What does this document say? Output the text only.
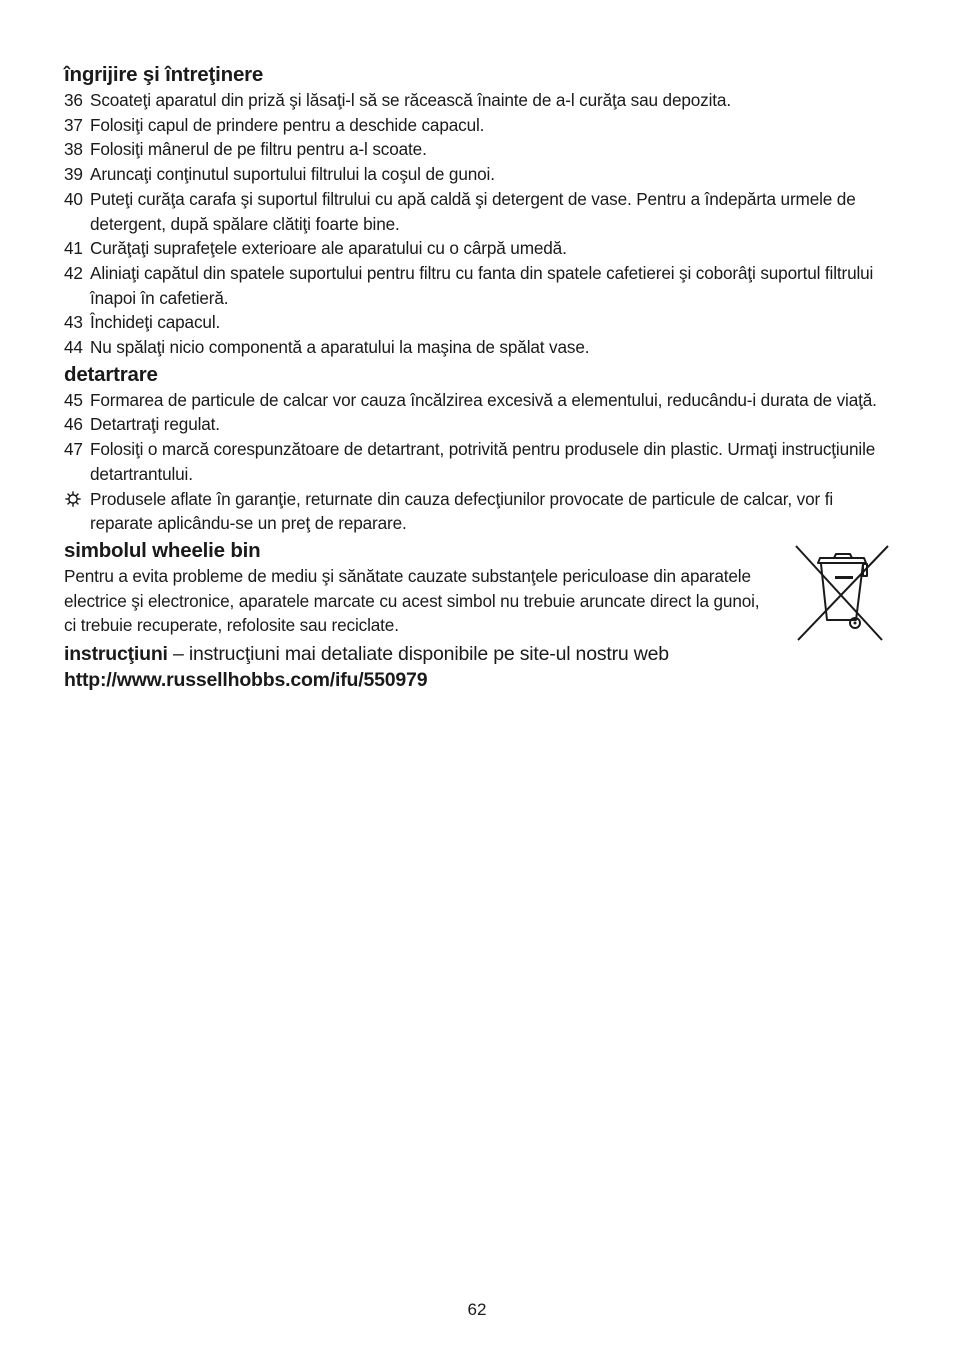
îngrijire şi întreţinere
36 Scoateţi aparatul din priză şi lăsaţi-l să se răcească înainte de a-l curăţa sau depozita.
37 Folosiţi capul de prindere pentru a deschide capacul.
38 Folosiţi mânerul de pe filtru pentru a-l scoate.
39 Aruncaţi conţinutul suportului filtrului la coşul de gunoi.
40 Puteţi curăţa carafa şi suportul filtrului cu apă caldă şi detergent de vase. Pentru a îndepărta urmele de detergent, după spălare clătiţi foarte bine.
41 Curăţaţi suprafeţele exterioare ale aparatului cu o cârpă umedă.
42 Aliniaţi capătul din spatele suportului pentru filtru cu fanta din spatele cafetierei şi coborâţi suportul filtrului înapoi în cafetieră.
43 Închideţi capacul.
44 Nu spălaţi nicio componentă a aparatului la maşina de spălat vase.
detartrare
45 Formarea de particule de calcar vor cauza încălzirea excesivă a elementului, reducându-i durata de viaţă.
46 Detartraţi regulat.
47 Folosiţi o marcă corespunzătoare de detartrant, potrivită pentru produsele din plastic. Urmaţi instrucţiunile detartrantului.
Produsele aflate în garanţie, returnate din cauza defecţiunilor provocate de particule de calcar, vor fi reparate aplicându-se un preţ de reparare.
simbolul wheelie bin
Pentru a evita probleme de mediu şi sănătate cauzate substanţele periculoase din aparatele electrice şi electronice, aparatele marcate cu acest simbol nu trebuie aruncate direct la gunoi, ci trebuie recuperate, refolosite sau reciclate.
instrucţiuni – instrucţiuni mai detaliate disponibile pe site-ul nostru web
http://www.russellhobbs.com/ifu/550979
62
